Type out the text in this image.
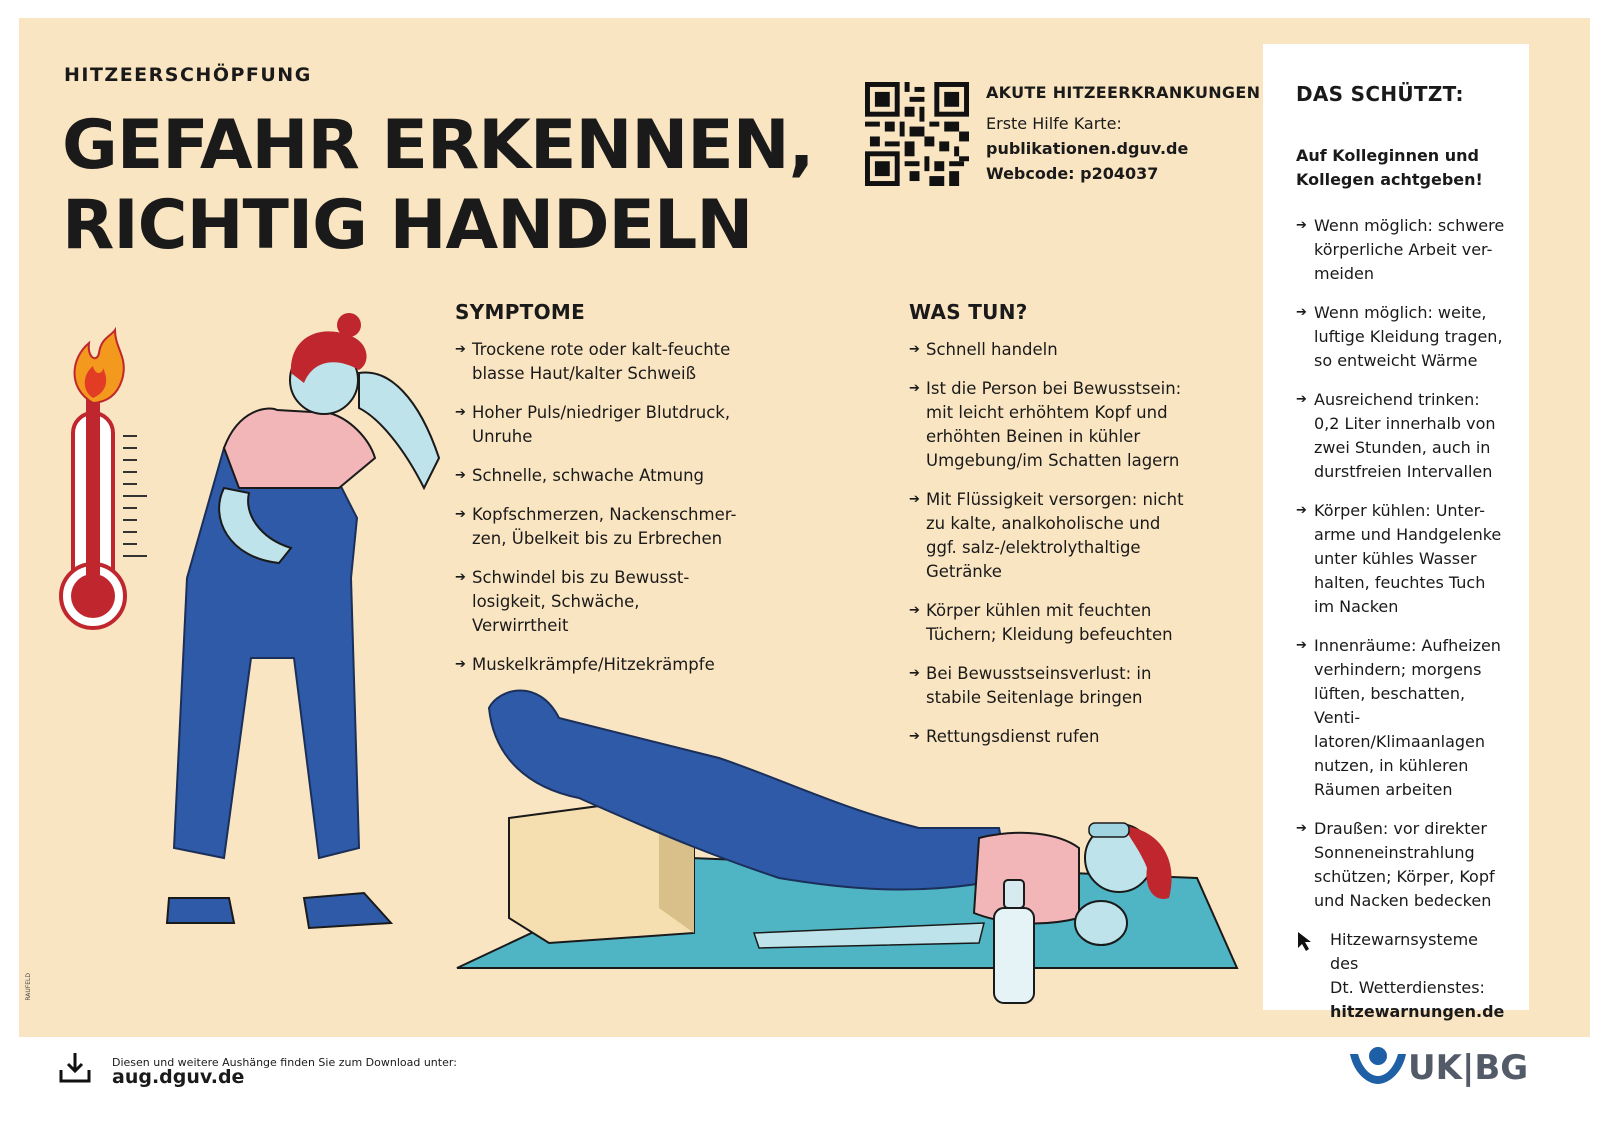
HITZEERSCHÖPFUNG
GEFAHR ERKENNEN,
RICHTIG HANDELN
AKUTE HITZEERKRANKUNGEN
Erste Hilfe Karte:
publikationen.dguv.de
Webcode: p204037
SYMPTOME
➔ Trockene rote oder kalt-feuchte
blasse Haut/kalter Schweiß
➔ Hoher Puls/niedriger Blutdruck,
Unruhe
➔ Schnelle, schwache Atmung
➔ Kopfschmerzen, Nackenschmer-
zen, Übelkeit bis zu Erbrechen
➔ Schwindel bis zu Bewusst-
losigkeit, Schwäche,
Verwirrtheit
➔ Muskelkrämpfe/Hitzekrämpfe
WAS TUN?
➔ Schnell handeln
➔ Ist die Person bei Bewusstsein:
mit leicht erhöhtem Kopf und
erhöhten Beinen in kühler
Umgebung/im Schatten lagern
➔ Mit Flüssigkeit versorgen: nicht
zu kalte, analkoholische und
ggf. salz-/elektrolythaltige
Getränke
➔ Körper kühlen mit feuchten
Tüchern; Kleidung befeuchten
➔ Bei Bewusstseinsverlust: in
stabile Seitenlage bringen
➔ Rettungsdienst rufen
DAS SCHÜTZT:
Auf Kolleginnen und
Kollegen achtgeben!
➔ Wenn möglich: schwere
körperliche Arbeit ver-
meiden
➔ Wenn möglich: weite,
luftige Kleidung tragen,
so entweicht Wärme
➔ Ausreichend trinken:
0,2 Liter innerhalb von
zwei Stunden, auch in
durstfreien Intervallen
➔ Körper kühlen: Unter-
arme und Handgelenke
unter kühles Wasser
halten, feuchtes Tuch
im Nacken
➔ Innenräume: Aufheizen
verhindern; morgens
lüften, beschatten, Venti-
latoren/Klimaanlagen
nutzen, in kühleren
Räumen arbeiten
➔ Draußen: vor direkter
Sonneneinstrahlung
schützen; Körper, Kopf
und Nacken bedecken
Hitzewarnsysteme des
Dt. Wetterdienstes:
hitzewarnungen.de
RAUFELD
Diesen und weitere Aushänge finden Sie zum Download unter:
aug.dguv.de	UK|BG
